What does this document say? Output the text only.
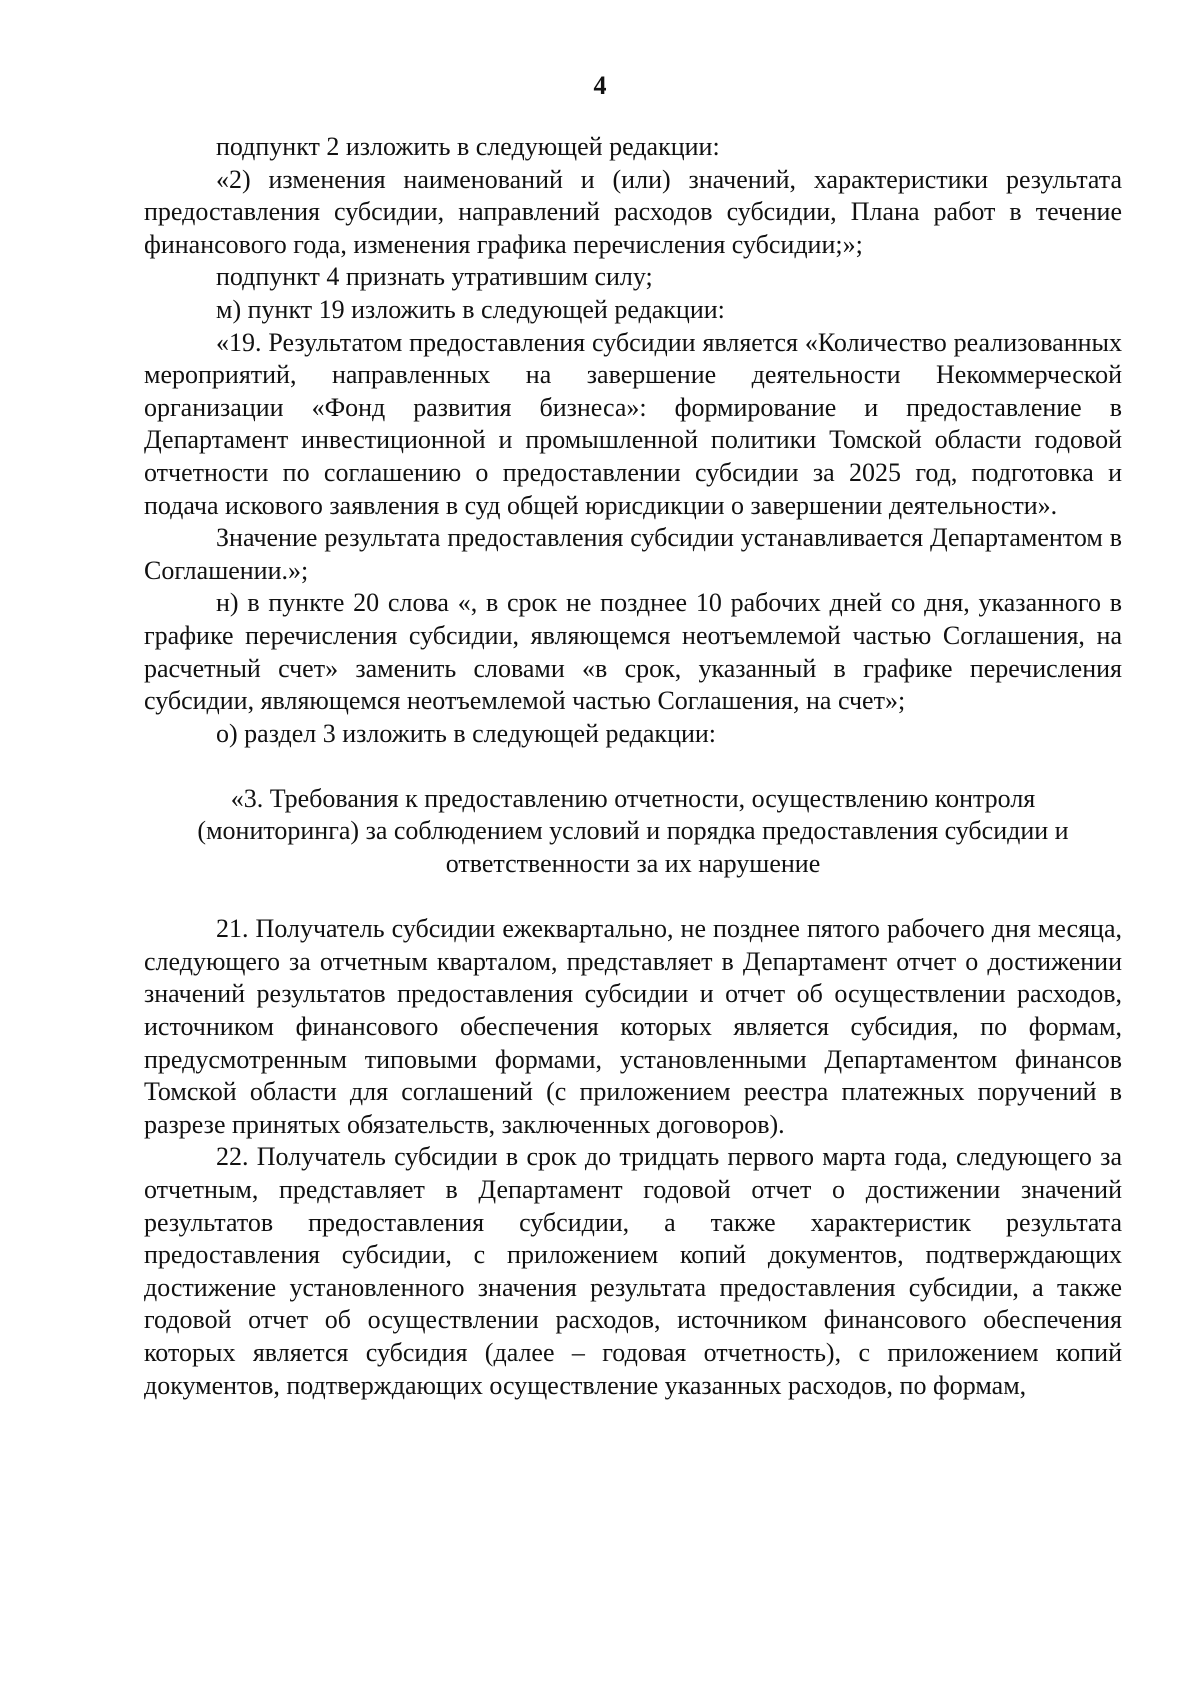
4

подпункт 2 изложить в следующей редакции:

«2) изменения наименований и (или) значений, характеристики результата предоставления субсидии, направлений расходов субсидии, Плана работ в течение финансового года, изменения графика перечисления субсидии;»;

подпункт 4 признать утратившим силу;

м) пункт 19 изложить в следующей редакции:

«19. Результатом предоставления субсидии является «Количество реализованных мероприятий, направленных на завершение деятельности Некоммерческой организации «Фонд развития бизнеса»: формирование и предоставление в Департамент инвестиционной и промышленной политики Томской области годовой отчетности по соглашению о предоставлении субсидии за 2025 год, подготовка и подача искового заявления в суд общей юрисдикции о завершении деятельности».

Значение результата предоставления субсидии устанавливается Департаментом в Соглашении.»;

н) в пункте 20 слова «, в срок не позднее 10 рабочих дней со дня, указанного в графике перечисления субсидии, являющемся неотъемлемой частью Соглашения, на расчетный счет» заменить словами «в срок, указанный в графике перечисления субсидии, являющемся неотъемлемой частью Соглашения, на счет»;

о) раздел 3 изложить в следующей редакции:

«3. Требования к предоставлению отчетности, осуществлению контроля (мониторинга) за соблюдением условий и порядка предоставления субсидии и ответственности за их нарушение

21. Получатель субсидии ежеквартально, не позднее пятого рабочего дня месяца, следующего за отчетным кварталом, представляет в Департамент отчет о достижении значений результатов предоставления субсидии и отчет об осуществлении расходов, источником финансового обеспечения которых является субсидия, по формам, предусмотренным типовыми формами, установленными Департаментом финансов Томской области для соглашений (с приложением реестра платежных поручений в разрезе принятых обязательств, заключенных договоров).

22. Получатель субсидии в срок до тридцать первого марта года, следующего за отчетным, представляет в Департамент годовой отчет о достижении значений результатов предоставления субсидии, а также характеристик результата предоставления субсидии, с приложением копий документов, подтверждающих достижение установленного значения результата предоставления субсидии, а также годовой отчет об осуществлении расходов, источником финансового обеспечения которых является субсидия (далее – годовая отчетность), с приложением копий документов, подтверждающих осуществление указанных расходов, по формам,
